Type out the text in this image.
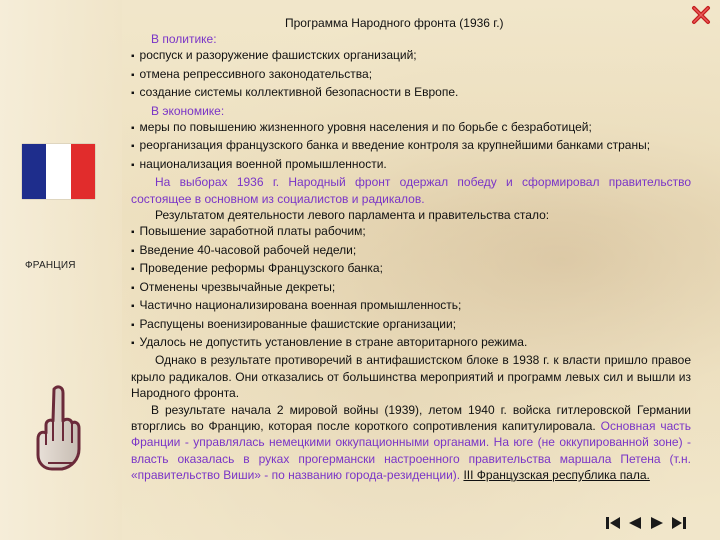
ФРАНЦИЯ
Программа Народного фронта (1936 г.)

В политике:

▪ роспуск и разоружение фашистских организаций;

▪ отмена репрессивного законодательства;

▪ создание системы коллективной безопасности в Европе.

В экономике:

▪ меры по повышению жизненного уровня населения и по борьбе с безработицей;

▪ реорганизация французского банка и введение контроля за крупнейшими банками страны;

▪ национализация военной промышленности.

На выборах 1936 г. Народный фронт одержал победу и сформировал правительство состоящее в основном из социалистов и радикалов.

Результатом деятельности левого парламента и правительства стало:

▪ Повышение заработной платы рабочим;

▪ Введение 40-часовой рабочей недели;

▪ Проведение реформы Французского банка;

▪ Отменены чрезвычайные декреты;

▪ Частично национализирована военная промышленность;

▪ Распущены военизированные фашистские организации;

▪ Удалось не допустить установление в стране авторитарного режима.

Однако в результате противоречий в антифашистском блоке в 1938 г. к власти пришло правое крыло радикалов. Они отказались от большинства мероприятий и программ левых сил и вышли из Народного фронта.

В результате начала 2 мировой войны (1939), летом 1940 г. войска гитлеровской Германии вторглись во Францию, которая после короткого сопротивления капитулировала. Основная часть Франции - управлялась немецкими оккупационными органами. На юге (не оккупированной зоне) - власть оказалась в руках прогермански настроенного правительства маршала Петена (т.н. «правительство Виши» - по названию города-резиденции). III Французская республика пала.
